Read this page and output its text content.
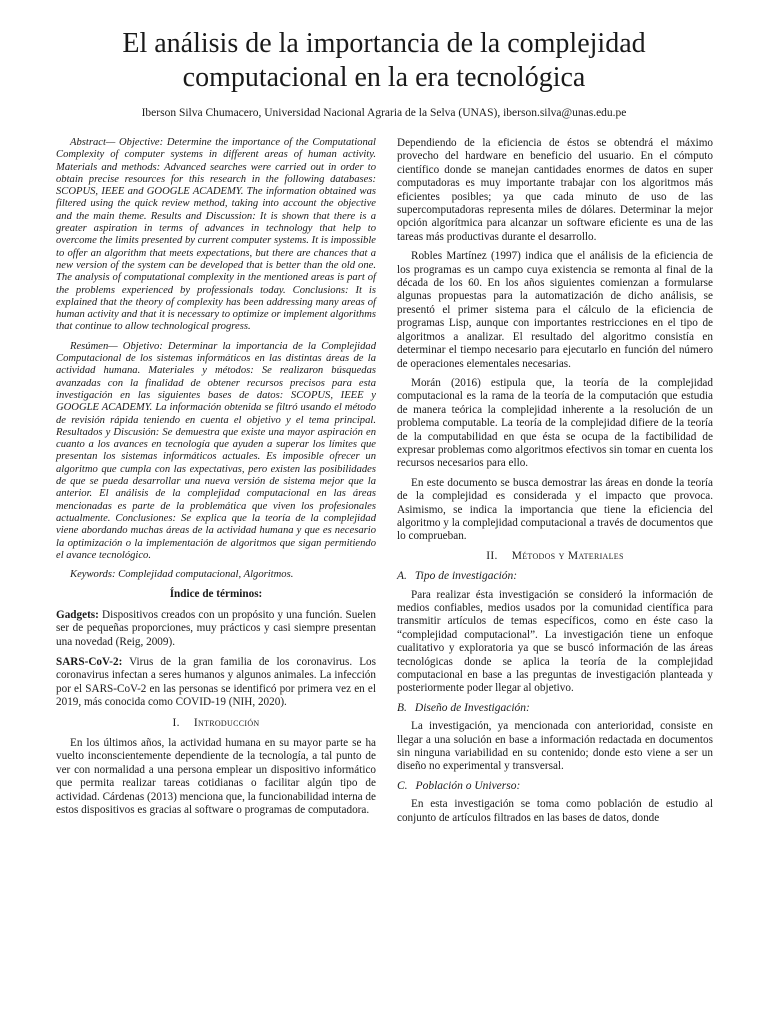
El análisis de la importancia de la complejidad computacional en la era tecnológica
Iberson Silva Chumacero, Universidad Nacional Agraria de la Selva (UNAS), iberson.silva@unas.edu.pe

Abstract— Objective: Determine the importance of the Computational Complexity of computer systems in different areas of human activity. Materials and methods: Advanced searches were carried out in order to obtain precise resources for this research in the following databases: SCOPUS, IEEE and GOOGLE ACADEMY. The information obtained was filtered using the quick review method, taking into account the objective and the main theme. Results and Discussion: It is shown that there is a greater aspiration in terms of advances in technology that help to overcome the limits presented by current computer systems. It is impossible to offer an algorithm that meets expectations, but there are chances that a new version of the system can be developed that is better than the old one. The analysis of computational complexity in the mentioned areas is part of the problems experienced by professionals today. Conclusions: It is explained that the theory of complexity has been addressing many areas of human activity and that it is necessary to optimize or implement algorithms that continue to allow technological progress.

Resúmen— Objetivo: Determinar la importancia de la Complejidad Computacional de los sistemas informáticos en las distintas áreas de la actividad humana. Materiales y métodos: Se realizaron búsquedas avanzadas con la finalidad de obtener recursos precisos para esta investigación en las siguientes bases de datos: SCOPUS, IEEE y GOOGLE ACADEMY. La información obtenida se filtró usando el método de revisión rápida teniendo en cuenta el objetivo y el tema principal. Resultados y Discusión: Se demuestra que existe una mayor aspiración en cuanto a los avances en tecnología que ayuden a superar los límites que presentan los sistemas informáticos actuales. Es imposible ofrecer un algoritmo que cumpla con las expectativas, pero existen las posibilidades de que se pueda desarrollar una nueva versión de sistema mejor que la anterior. El análisis de la complejidad computacional en las áreas mencionadas es parte de la problemática que viven los profesionales actualmente. Conclusiones: Se explica que la teoría de la complejidad viene abordando muchas áreas de la actividad humana y que es necesario la optimización o la implementación de algoritmos que sigan permitiendo el avance tecnológico.

Keywords: Complejidad computacional, Algoritmos.

Índice de términos:

Gadgets: Dispositivos creados con un propósito y una función. Suelen ser de pequeñas proporciones, muy prácticos y casi siempre presentan una novedad (Reig, 2009).

SARS-CoV-2: Virus de la gran familia de los coronavirus. Los coronavirus infectan a seres humanos y algunos animales. La infección por el SARS-CoV-2 en las personas se identificó por primera vez en el 2019, más conocida como COVID-19 (NIH, 2020).

I. Introducción

En los últimos años, la actividad humana en su mayor parte se ha vuelto inconscientemente dependiente de la tecnología, a tal punto de ver con normalidad a una persona emplear un dispositivo informático que permita realizar tareas cotidianas o facilitar algún tipo de actividad. Cárdenas (2013) menciona que, la funcionabilidad interna de estos dispositivos es gracias al software o programas de computadora.

Dependiendo de la eficiencia de éstos se obtendrá el máximo provecho del hardware en beneficio del usuario. En el cómputo científico donde se manejan cantidades enormes de datos en super computadoras es muy importante trabajar con los algoritmos más eficientes posibles; ya que cada minuto de uso de las supercomputadoras representa miles de dólares. Determinar la mejor opción algorítmica para alcanzar un software eficiente es una de las tareas más productivas durante el desarrollo.

Robles Martínez (1997) indica que el análisis de la eficiencia de los programas es un campo cuya existencia se remonta al final de la década de los 60. En los años siguientes comienzan a formularse algunas propuestas para la automatización de dicho análisis, se presentó el primer sistema para el cálculo de la eficiencia de programas Lisp, aunque con importantes restricciones en el tipo de algoritmos a analizar. El resultado del algoritmo consistía en determinar el tiempo necesario para ejecutarlo en función del número de operaciones elementales necesarias.

Morán (2016) estipula que, la teoría de la complejidad computacional es la rama de la teoría de la computación que estudia de manera teórica la complejidad inherente a la resolución de un problema computable. La teoría de la complejidad difiere de la teoría de la computabilidad en que ésta se ocupa de la factibilidad de expresar problemas como algoritmos efectivos sin tomar en cuenta los recursos necesarios para ello.

En este documento se busca demostrar las áreas en donde la teoría de la complejidad es considerada y el impacto que provoca. Asimismo, se indica la importancia que tiene la eficiencia del algoritmo y la complejidad computacional a través de documentos que lo comprueban.

II. Métodos y Materiales
A. Tipo de investigación:

Para realizar ésta investigación se consideró la información de medios confiables, medios usados por la comunidad científica para transmitir artículos de temas específicos, como en éste caso la “complejidad computacional”. La investigación tiene un enfoque cualitativo y exploratoria ya que se buscó información de las áreas tecnológicas donde se aplica la teoría de la complejidad computacional en base a las preguntas de investigación planteada y posteriormente poder llegar al objetivo.

B. Diseño de Investigación:

La investigación, ya mencionada con anterioridad, consiste en llegar a una solución en base a información redactada en documentos sin ninguna variabilidad en su contenido; donde esto viene a ser un diseño no experimental y transversal.

C. Población o Universo:

En esta investigación se toma como población de estudio al conjunto de artículos filtrados en las bases de datos, donde
